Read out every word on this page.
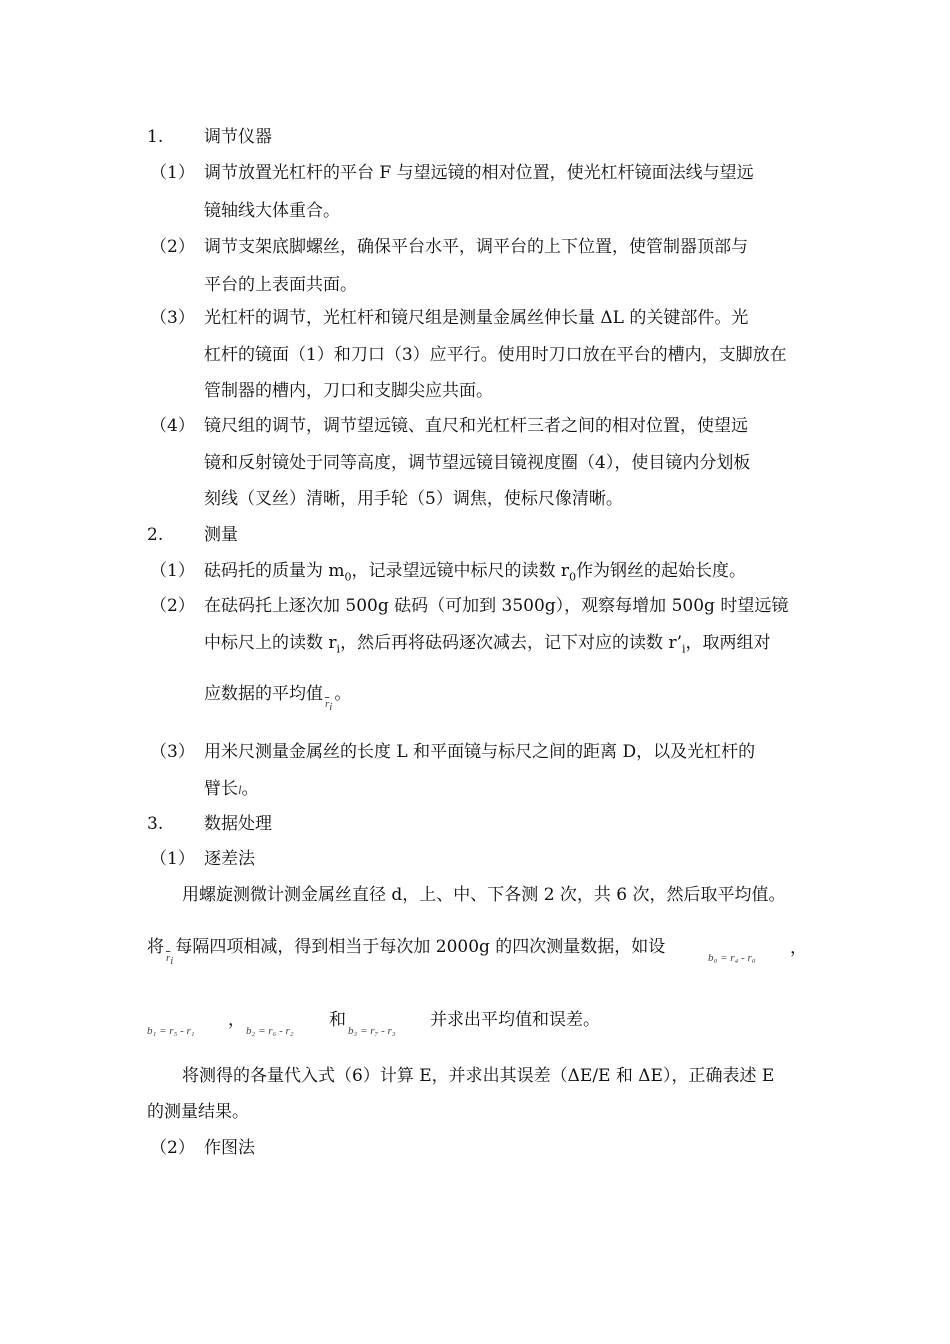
1. 调节仪器
（1） 调节放置光杠杆的平台 F 与望远镜的相对位置，使光杠杆镜面法线与望远
镜轴线大体重合。
（2） 调节支架底脚螺丝，确保平台水平，调平台的上下位置，使管制器顶部与
平台的上表面共面。
（3） 光杠杆的调节，光杠杆和镜尺组是测量金属丝伸长量 ΔL 的关键部件。光
杠杆的镜面（1）和刀口（3）应平行。使用时刀口放在平台的槽内，支脚放在
管制器的槽内，刀口和支脚尖应共面。
（4） 镜尺组的调节，调节望远镜、直尺和光杠杆三者之间的相对位置，使望远
镜和反射镜处于同等高度，调节望远镜目镜视度圈（4），使目镜内分划板
刻线（叉丝）清晰，用手轮（5）调焦，使标尺像清晰。
2. 测量
（1） 砝码托的质量为 $m_0$，记录望远镜中标尺的读数 $r_0$作为钢丝的起始长度。
（2） 在砝码托上逐次加 500g 砝码（可加到 3500g），观察每增加 500g 时望远镜
中标尺上的读数 $r_i$，然后再将砝码逐次减去，记下对应的读数 $r’_i$，取两组对
应数据的平均值 $_{\overline{r}_i}$。
（3） 用米尺测量金属丝的长度 L 和平面镜与标尺之间的距离 D，以及光杠杆的
臂长l。
3. 数据处理
（1） 逐差法
用螺旋测微计测金属丝直径 d，上、中、下各测 2 次，共 6 次，然后取平均值。
将$_{\overline{r}_i}$每隔四项相减，得到相当于每次加 2000g 的四次测量数据，如设
b₀ = r₄ - r₀ ，
b₁ = r₅ - r₁
，
b₂ = r₆ - r₂
和
b₃ = r₇ - r₃
并求出平均值和误差。
将测得的各量代入式（6）计算 E，并求出其误差（ΔE/E 和 ΔE），正确表述 E
的测量结果。
（2） 作图法
